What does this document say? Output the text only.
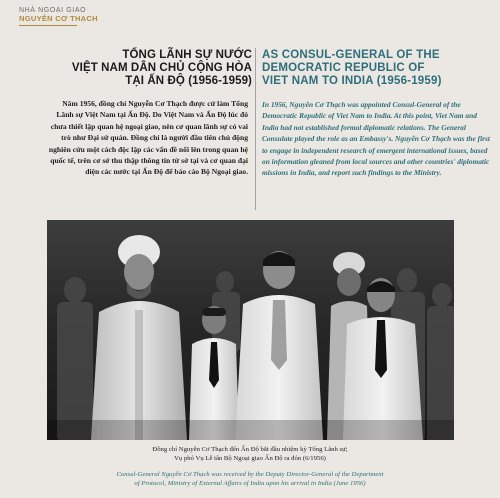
NHÀ NGOẠI GIAO
NGUYỄN CƠ THẠCH
TỔNG LÃNH SỰ NƯỚC
VIỆT NAM DÂN CHỦ CỘNG HÒA
TẠI ẤN ĐỘ (1956-1959)
AS CONSUL-GENERAL OF THE
DEMOCRATIC REPUBLIC OF
VIET NAM TO INDIA (1956-1959)
Năm 1956, đồng chí Nguyễn Cơ Thạch được cử làm Tổng Lãnh sự Việt Nam tại Ấn Độ. Do Việt Nam và Ấn Độ lúc đó chưa thiết lập quan hệ ngoại giao, nên cơ quan lãnh sự có vai trò như Đại sứ quán. Đồng chí là người đầu tiên chủ động nghiên cứu một cách độc lập các vấn đề nổi lên trong quan hệ quốc tế, trên cơ sở thu thập thông tin từ sở tại và cơ quan đại diện các nước tại Ấn Độ để báo cáo Bộ Ngoại giao.
In 1956, Nguyễn Cơ Thạch was appointed Consul-General of the Democratic Republic of Viet Nam to India. At this point, Viet Nam and India had not established formal diplomatic relations. The General Consulate played the role as an Embassy's. Nguyễn Cơ Thạch was the first to engage in independent research of emergent international issues, based on information gleaned from local sources and other countries' diplomatic missions in India, and report such findings to the Ministry.
Đồng chí Nguyễn Cơ Thạch đến Ấn Độ bắt đầu nhiệm kỳ Tổng Lãnh sự;
Vụ phó Vụ Lễ tân Bộ Ngoại giao Ấn Độ ra đón (6/1956)
Consul-General Nguyễn Cơ Thạch was received by the Deputy Director-General of the Department
of Protocol, Ministry of External Affairs of India upon his arrival in India (June 1956)
